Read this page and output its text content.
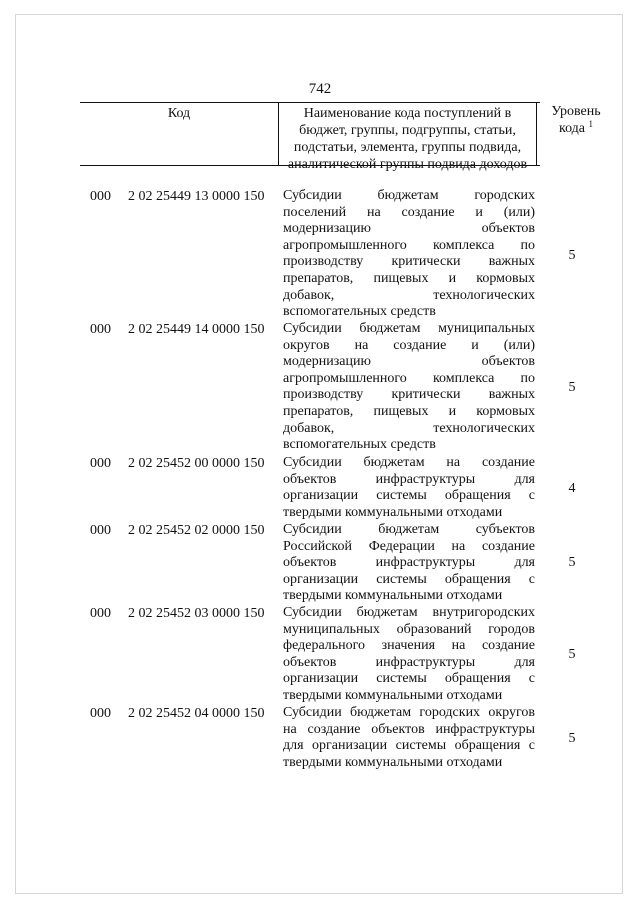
742
Код	Наименование кода поступлений в бюджет, группы, подгруппы, статьи, подстатьи, элемента, группы подвида, аналитической группы подвида доходов
Уровень
кода $^1$
000 2 02 25449 13 0000 150 Субсидии бюджетам городских поселений на создание и (или) модернизацию объектов агропромышленного комплекса по производству критически важных препаратов, пищевых и кормовых добавок, технологических вспомогательных средств
5
000 2 02 25449 14 0000 150 Субсидии бюджетам муниципальных округов на создание и (или) модернизацию объектов агропромышленного комплекса по производству критически важных препаратов, пищевых и кормовых добавок, технологических вспомогательных средств
5
000 2 02 25452 00 0000 150 Субсидии бюджетам на создание объектов инфраструктуры для организации системы обращения с твердыми коммунальными отходами
4
000 2 02 25452 02 0000 150 Субсидии бюджетам субъектов Российской Федерации на создание объектов инфраструктуры для организации системы обращения с твердыми коммунальными отходами
5
000 2 02 25452 03 0000 150 Субсидии бюджетам внутригородских муниципальных образований городов федерального значения на создание объектов инфраструктуры для организации системы обращения с твердыми коммунальными отходами
5
000 2 02 25452 04 0000 150 Субсидии бюджетам городских округов на создание объектов инфраструктуры для организации системы обращения с твердыми коммунальными отходами
5
